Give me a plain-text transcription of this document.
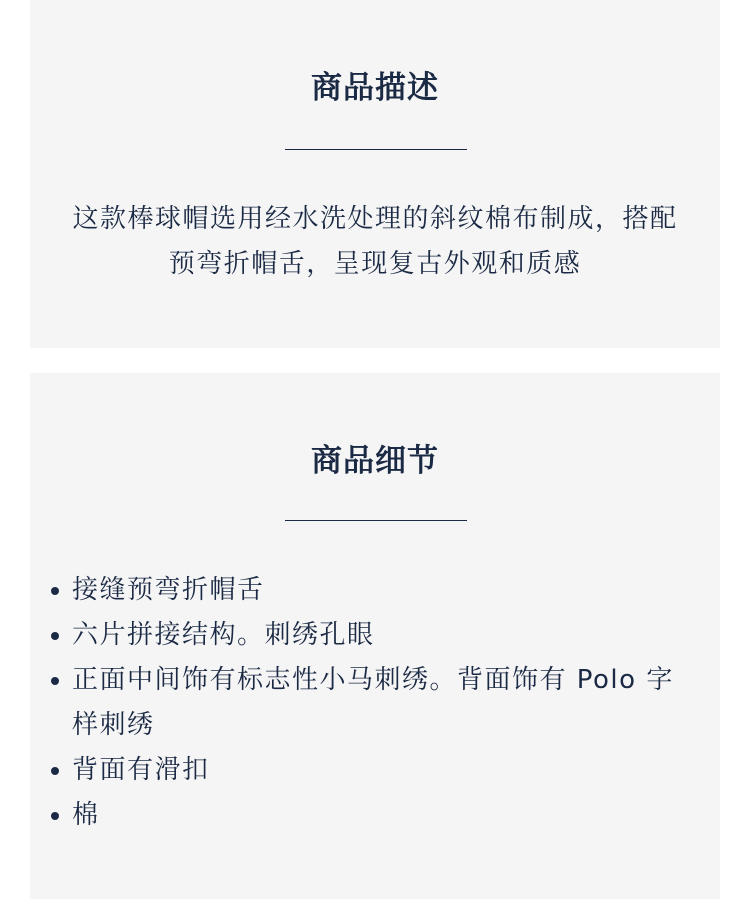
商品描述

这款棒球帽选用经水洗处理的斜纹棉布制成，搭配预弯折帽舌，呈现复古外观和质感

商品细节
接缝预弯折帽舌
六片拼接结构。刺绣孔眼
正面中间饰有标志性小马刺绣。背面饰有 Polo 字样刺绣
背面有滑扣
棉
